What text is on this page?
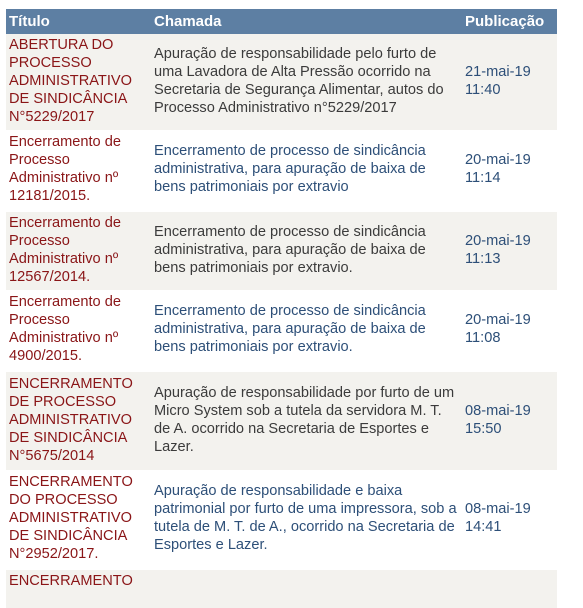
Título	Chamada	Publicação
ABERTURA DO PROCESSO ADMINISTRATIVO DE SINDICÂNCIA N°5229/2017	Apuração de responsabilidade pelo furto de uma Lavadora de Alta Pressão ocorrido na Secretaria de Segurança Alimentar, autos do Processo Administrativo n°5229/2017	21-mai-19 11:40
Encerramento de Processo Administrativo nº 12181/2015.	Encerramento de processo de sindicância administrativa, para apuração de baixa de bens patrimoniais por extravio	20-mai-19 11:14
Encerramento de Processo Administrativo nº 12567/2014.	Encerramento de processo de sindicância administrativa, para apuração de baixa de bens patrimoniais por extravio.	20-mai-19 11:13
Encerramento de Processo Administrativo nº 4900/2015.	Encerramento de processo de sindicância administrativa, para apuração de baixa de bens patrimoniais por extravio.	20-mai-19 11:08
ENCERRAMENTO DE PROCESSO ADMINISTRATIVO DE SINDICÂNCIA N°5675/2014	Apuração de responsabilidade por furto de um Micro System sob a tutela da servidora M. T. de A. ocorrido na Secretaria de Esportes e Lazer.	08-mai-19 15:50
ENCERRAMENTO DO PROCESSO ADMINISTRATIVO DE SINDICÂNCIA N°2952/2017.	Apuração de responsabilidade e baixa patrimonial por furto de uma impressora, sob a tutela de M. T. de A., ocorrido na Secretaria de Esportes e Lazer.	08-mai-19 14:41
ENCERRAMENTO		
